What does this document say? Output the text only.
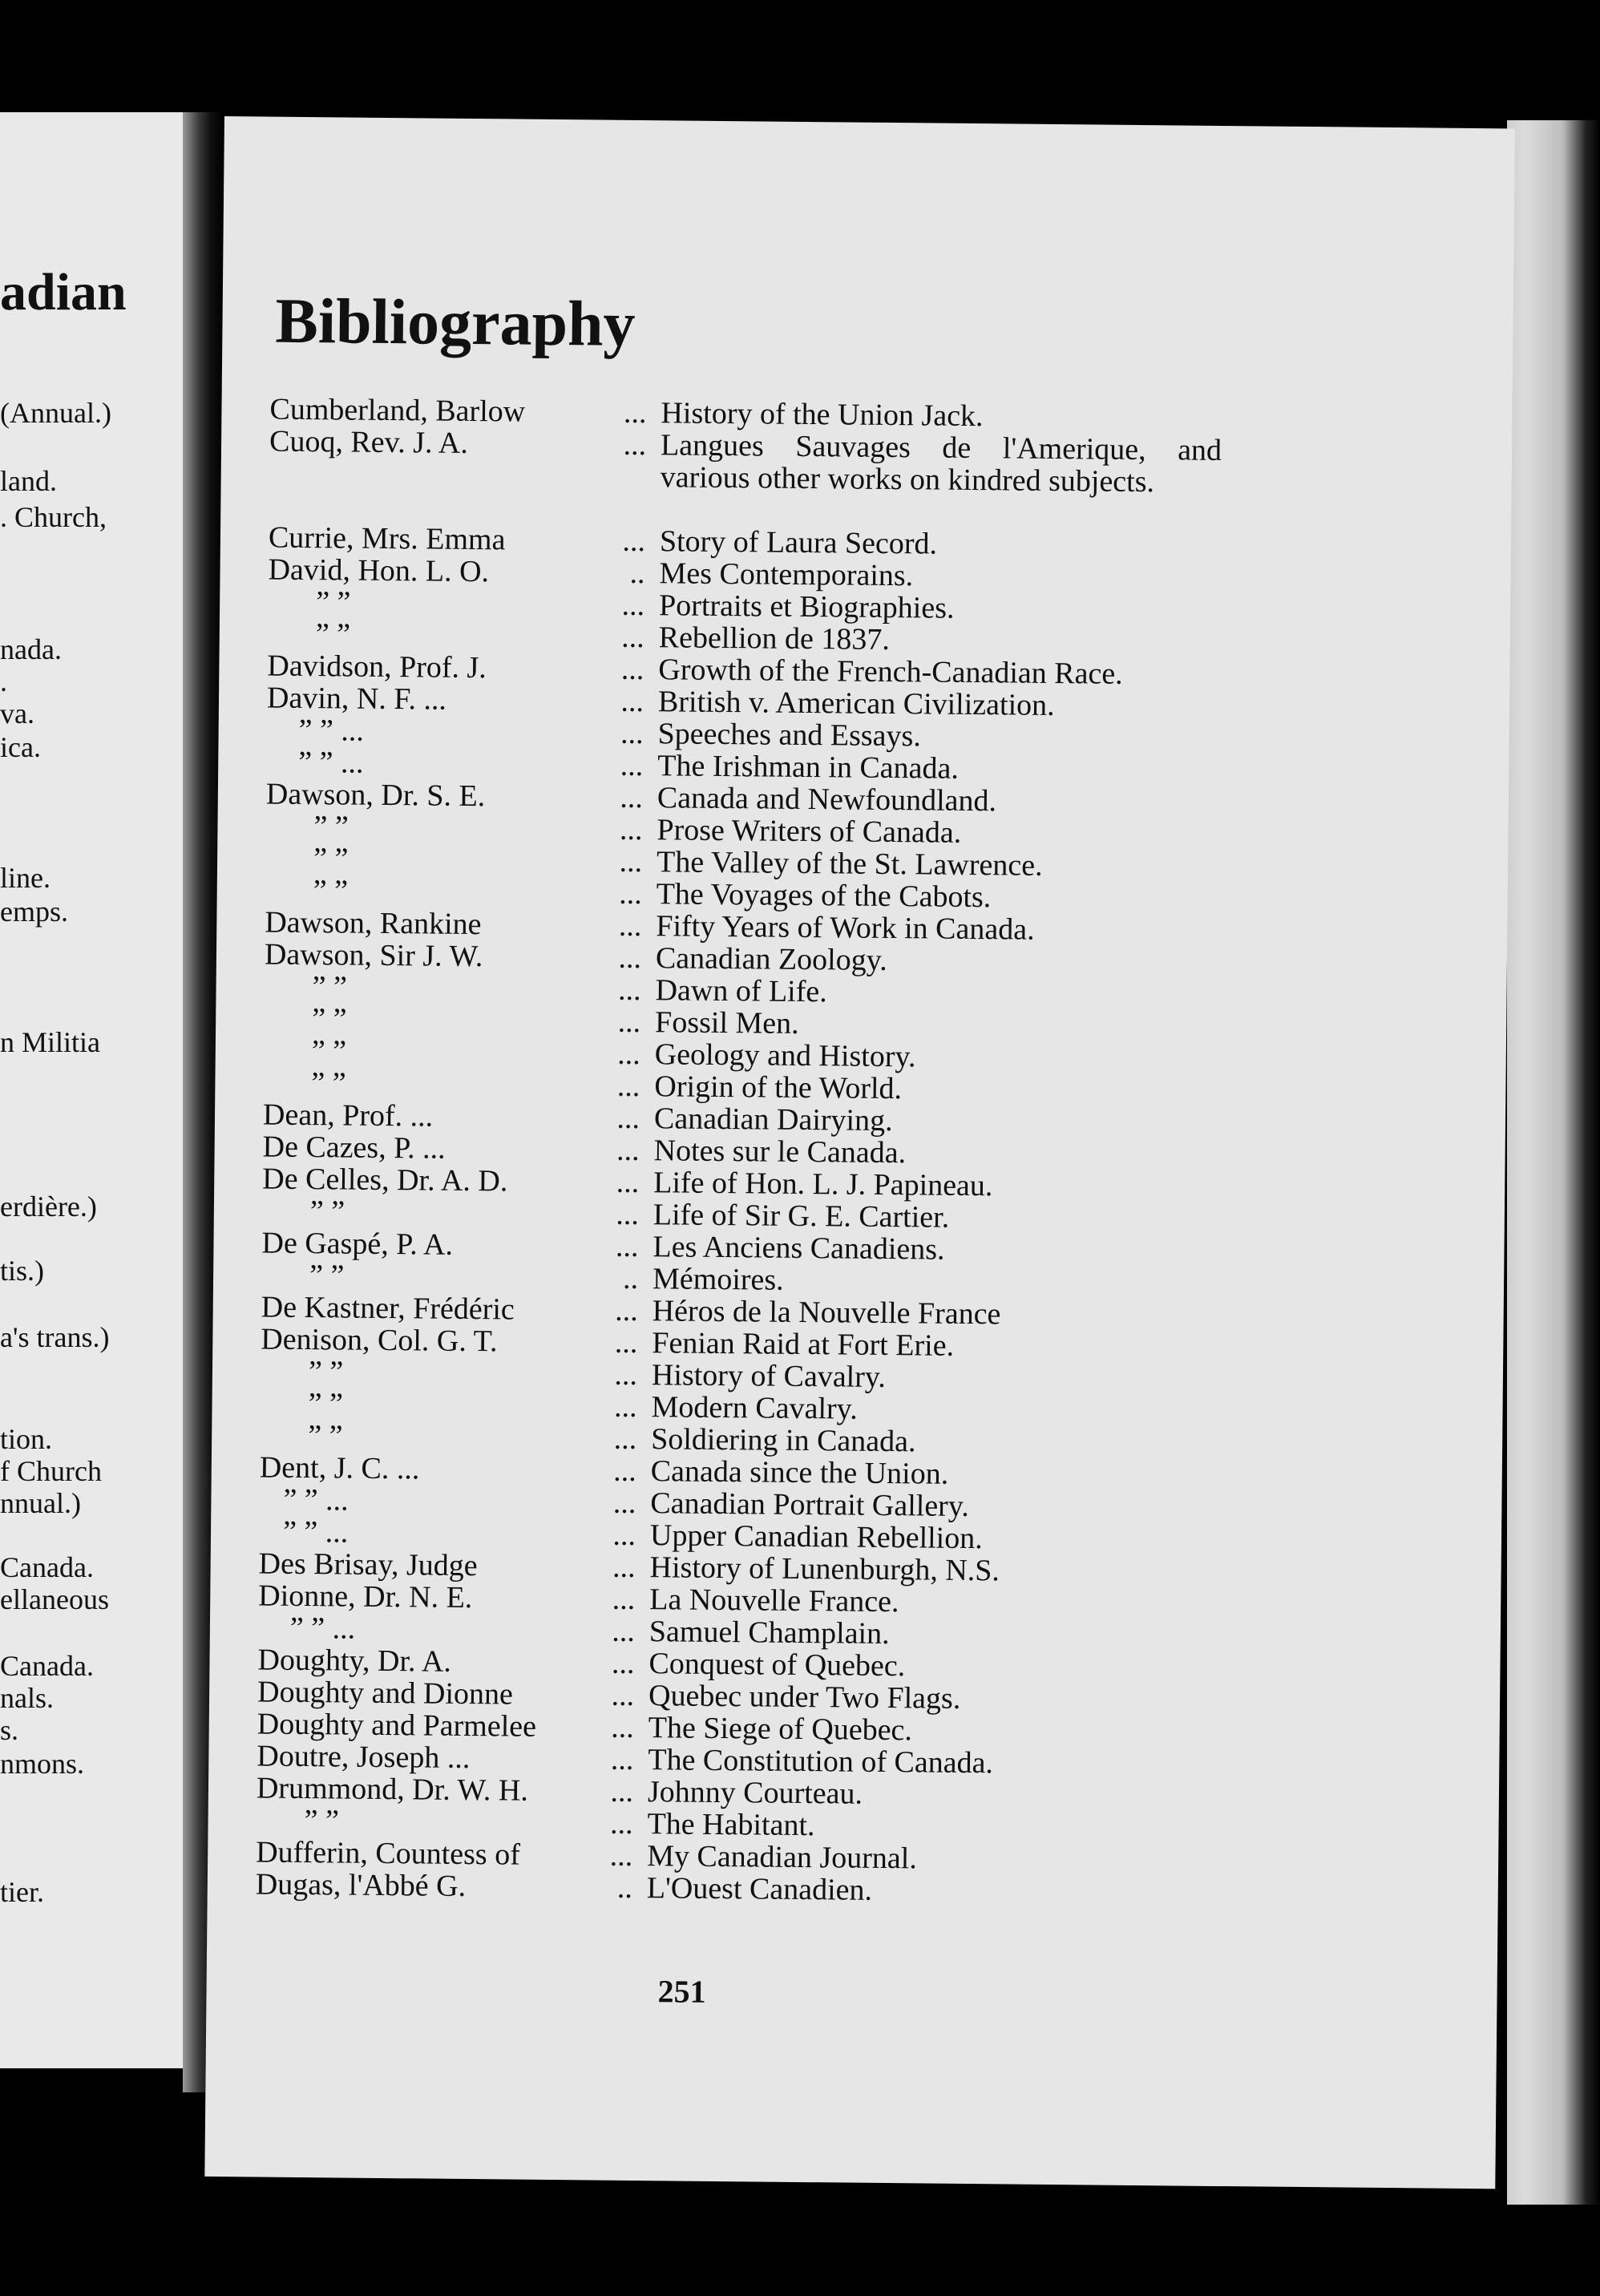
adian
(Annual.)
land.
. Church,
nada.
.
va.
ica.
line.
emps.
n Militia
erdière.)
tis.)
a's trans.)
tion.
f Church
nnual.)
Canada.
ellaneous
Canada.
nals.
s.
nmons.
tier.
Bibliography
Cumberland, Barlow	... History of the Union Jack.
Cuoq, Rev. J. A.	... Langues Sauvages de l'Amerique, and various other works on kindred subjects.
Currie, Mrs. Emma	... Story of Laura Secord.
David, Hon. L. O.	.. Mes Contemporains.
” ”	... Portraits et Biographies.
” ”	... Rebellion de 1837.
Davidson, Prof. J.	... Growth of the French-Canadian Race.
Davin, N. F. ...	... British v. American Civilization.
” ” ...	... Speeches and Essays.
” ” ...	... The Irishman in Canada.
Dawson, Dr. S. E.	... Canada and Newfoundland.
” ”	... Prose Writers of Canada.
” ”	... The Valley of the St. Lawrence.
” ”	... The Voyages of the Cabots.
Dawson, Rankine	... Fifty Years of Work in Canada.
Dawson, Sir J. W.	... Canadian Zoology.
” ”	... Dawn of Life.
” ”	... Fossil Men.
” ”	... Geology and History.
” ”	... Origin of the World.
Dean, Prof. ...	... Canadian Dairying.
De Cazes, P. ...	... Notes sur le Canada.
De Celles, Dr. A. D.	... Life of Hon. L. J. Papineau.
” ”	... Life of Sir G. E. Cartier.
De Gaspé, P. A.	... Les Anciens Canadiens.
” ”	.. Mémoires.
De Kastner, Frédéric	... Héros de la Nouvelle France
Denison, Col. G. T.	... Fenian Raid at Fort Erie.
” ”	... History of Cavalry.
” ”	... Modern Cavalry.
” ”	... Soldiering in Canada.
Dent, J. C. ...	... Canada since the Union.
” ” ...	... Canadian Portrait Gallery.
” ” ...	... Upper Canadian Rebellion.
Des Brisay, Judge	... History of Lunenburgh, N.S.
Dionne, Dr. N. E.	... La Nouvelle France.
” ” ...	... Samuel Champlain.
Doughty, Dr. A.	... Conquest of Quebec.
Doughty and Dionne	... Quebec under Two Flags.
Doughty and Parmelee	... The Siege of Quebec.
Doutre, Joseph ...	... The Constitution of Canada.
Drummond, Dr. W. H.	... Johnny Courteau.
” ”	... The Habitant.
Dufferin, Countess of	... My Canadian Journal.
Dugas, l'Abbé G.	.. L'Ouest Canadien.
251
